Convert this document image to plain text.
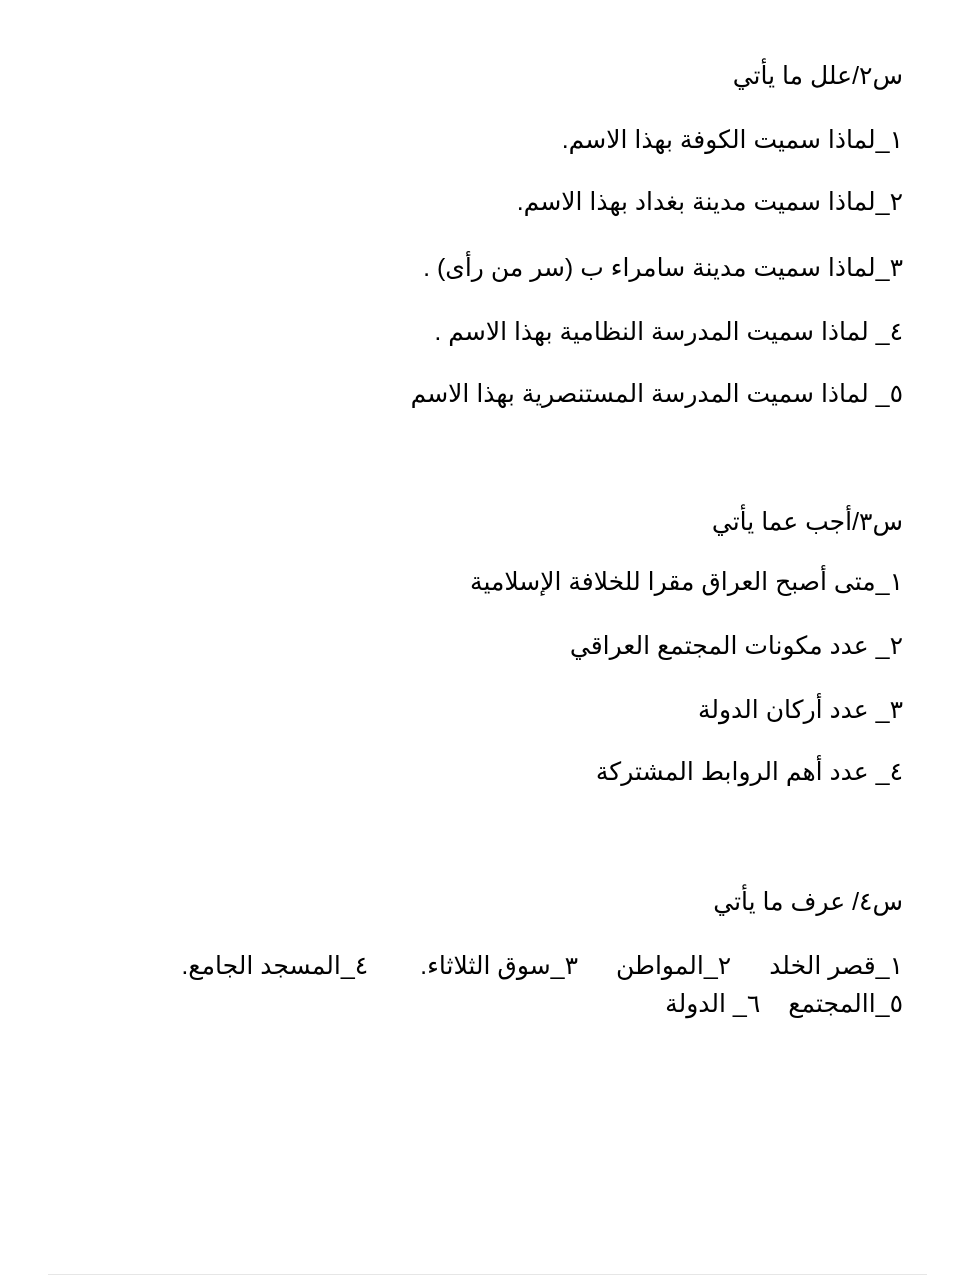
س٢/علل ما يأتي
١_لماذا سميت الكوفة بهذا الاسم.
٢_لماذا سميت مدينة بغداد بهذا الاسم.
٣_لماذا سميت مدينة سامراء ب (سر من رأى) .
٤_ لماذا سميت المدرسة النظامية بهذا الاسم .
٥_ لماذا سميت المدرسة المستنصرية بهذا الاسم
س٣/أجب عما يأتي
١_متى أصبح العراق مقرا للخلافة الإسلامية
٢_ عدد مكونات المجتمع العراقي
٣_ عدد أركان الدولة
٤_ عدد أهم الروابط المشتركة
س٤/ عرف ما يأتي
١_قصر الخلد٢_المواطن٣_سوق الثلاثاء.٤_المسجد الجامع.
٥_االمجتمع٦_ الدولة
